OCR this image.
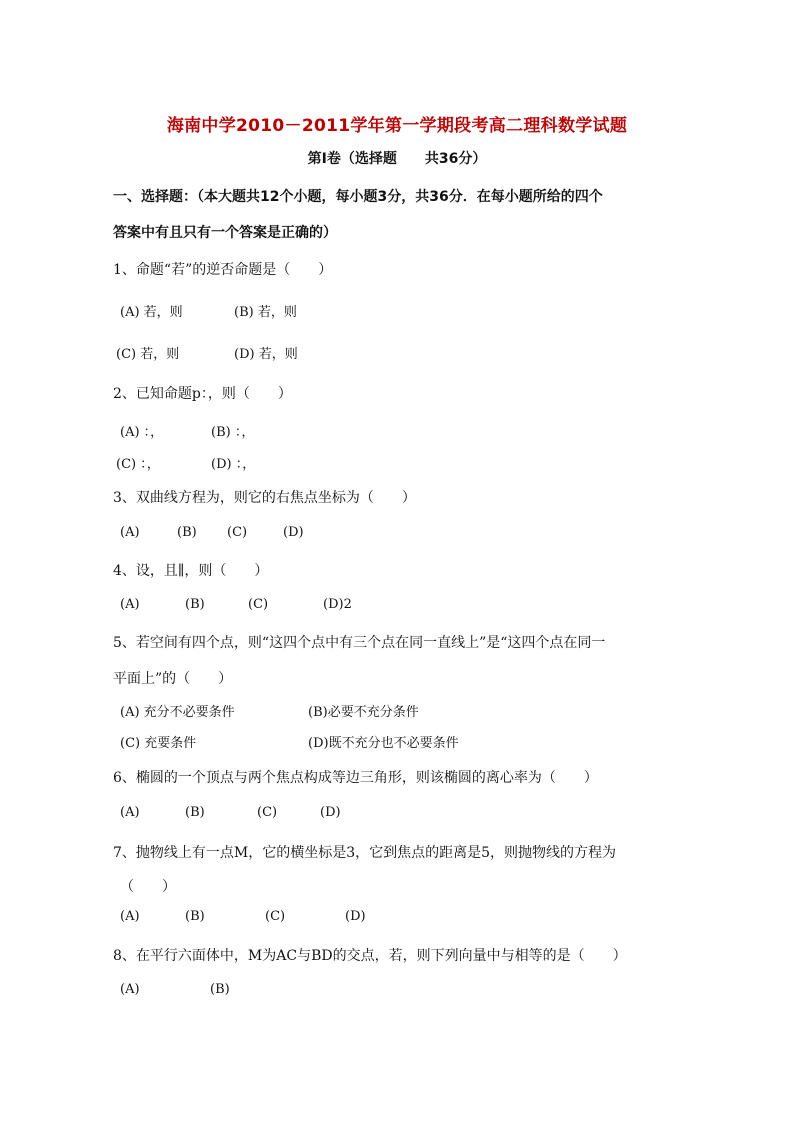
海南中学2010－2011学年第一学期段考高二理科数学试题
第Ⅰ卷（选择题　　共36分）
一、选择题：（本大题共12个小题，每小题3分，共36分．在每小题所给的四个
答案中有且只有一个答案是正确的）
1、命题“若”的逆否命题是（　　）
(A) 若，则	(B) 若，则
(C) 若，则	(D) 若，则
2、已知命题p：，则（　　）
(A) ：，	(B) ：，
(C) ：，	(D) ：，
3、双曲线方程为，则它的右焦点坐标为（　　）
(A)	(B) (C)	(D)
4、设，且∥，则（　　）
(A)	(B)	(C)	(D)2
5、若空间有四个点，则“这四个点中有三个点在同一直线上”是“这四个点在同一
平面上”的（　　）
(A) 充分不必要条件	(B)必要不充分条件
(C) 充要条件	(D)既不充分也不必要条件
6、椭圆的一个顶点与两个焦点构成等边三角形，则该椭圆的离心率为（　　）
(A)	(B)	(C)	(D)
7、抛物线上有一点M，它的横坐标是3，它到焦点的距离是5，则抛物线的方程为
（　　）
(A)	(B)	(C)	(D)
8、在平行六面体中，M为AC与BD的交点，若，则下列向量中与相等的是（　　）
(A)	(B)
